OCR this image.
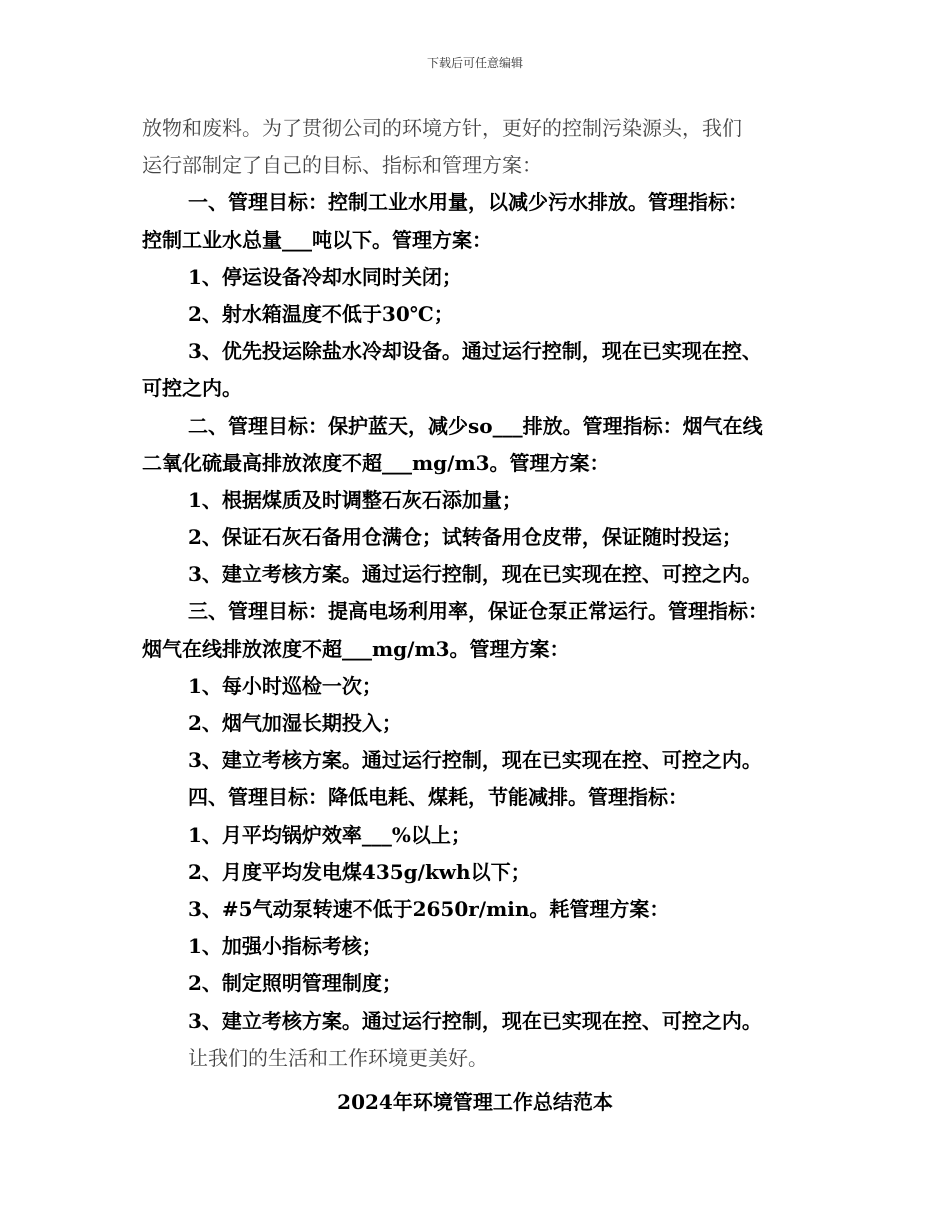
下载后可任意编辑
放物和废料。为了贯彻公司的环境方针，更好的控制污染源头，我们
运行部制定了自己的目标、指标和管理方案：
一、管理目标：控制工业水用量，以减少污水排放。管理指标：
控制工业水总量___吨以下。管理方案：
1、停运设备冷却水同时关闭；
2、射水箱温度不低于30℃；
3、优先投运除盐水冷却设备。通过运行控制，现在已实现在控、
可控之内。
二、管理目标：保护蓝天，减少so___排放。管理指标：烟气在线
二氧化硫最高排放浓度不超___mg/m3。管理方案：
1、根据煤质及时调整石灰石添加量；
2、保证石灰石备用仓满仓；试转备用仓皮带，保证随时投运；
3、建立考核方案。通过运行控制，现在已实现在控、可控之内。
三、管理目标：提高电场利用率，保证仓泵正常运行。管理指标：
烟气在线排放浓度不超___mg/m3。管理方案：
1、每小时巡检一次；
2、烟气加湿长期投入；
3、建立考核方案。通过运行控制，现在已实现在控、可控之内。
四、管理目标：降低电耗、煤耗，节能减排。管理指标：
1、月平均锅炉效率___%以上；
2、月度平均发电煤435g/kwh以下；
3、#5气动泵转速不低于2650r/min。耗管理方案：
1、加强小指标考核；
2、制定照明管理制度；
3、建立考核方案。通过运行控制，现在已实现在控、可控之内。
让我们的生活和工作环境更美好。
2024年环境管理工作总结范本
